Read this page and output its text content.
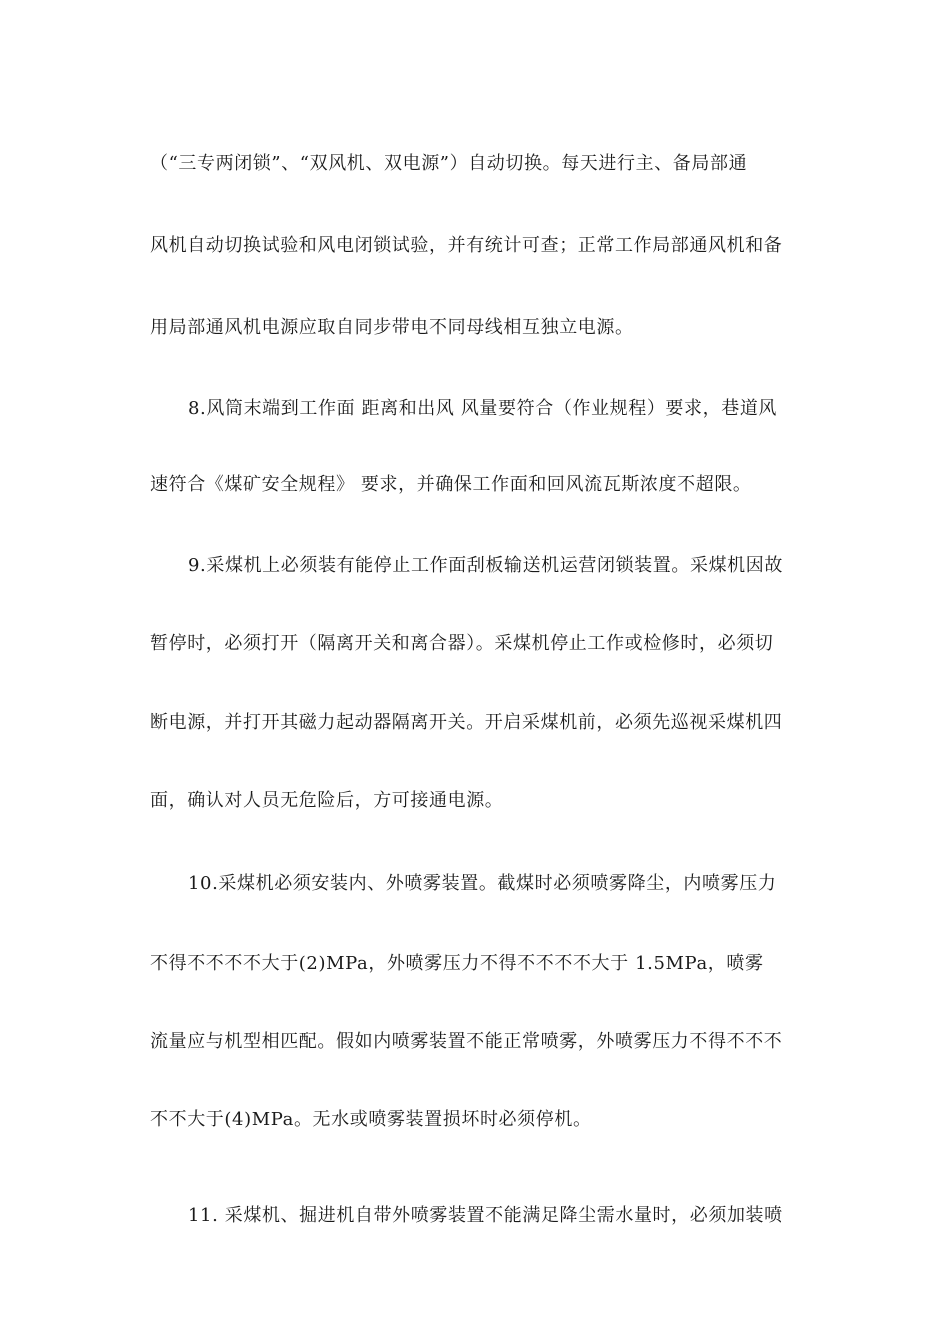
（“三专两闭锁”、“双风机、双电源”）自动切换。每天进行主、备局部通
风机自动切换试验和风电闭锁试验，并有统计可查；正常工作局部通风机和备
用局部通风机电源应取自同步带电不同母线相互独立电源。
8.风筒末端到工作面 距离和出风 风量要符合（作业规程）要求，巷道风
速符合《煤矿安全规程》 要求，并确保工作面和回风流瓦斯浓度不超限。
9.采煤机上必须装有能停止工作面刮板输送机运营闭锁装置。采煤机因故
暂停时，必须打开（隔离开关和离合器）。采煤机停止工作或检修时，必须切
断电源，并打开其磁力起动器隔离开关。开启采煤机前，必须先巡视采煤机四
面，确认对人员无危险后，方可接通电源。
10.采煤机必须安装内、外喷雾装置。截煤时必须喷雾降尘，内喷雾压力
不得不不不不大于(2)MPa，外喷雾压力不得不不不不大于 1.5MPa，喷雾
流量应与机型相匹配。假如内喷雾装置不能正常喷雾，外喷雾压力不得不不不
不不大于(4)MPa。无水或喷雾装置损坏时必须停机。
11. 采煤机、掘进机自带外喷雾装置不能满足降尘需水量时，必须加装喷
